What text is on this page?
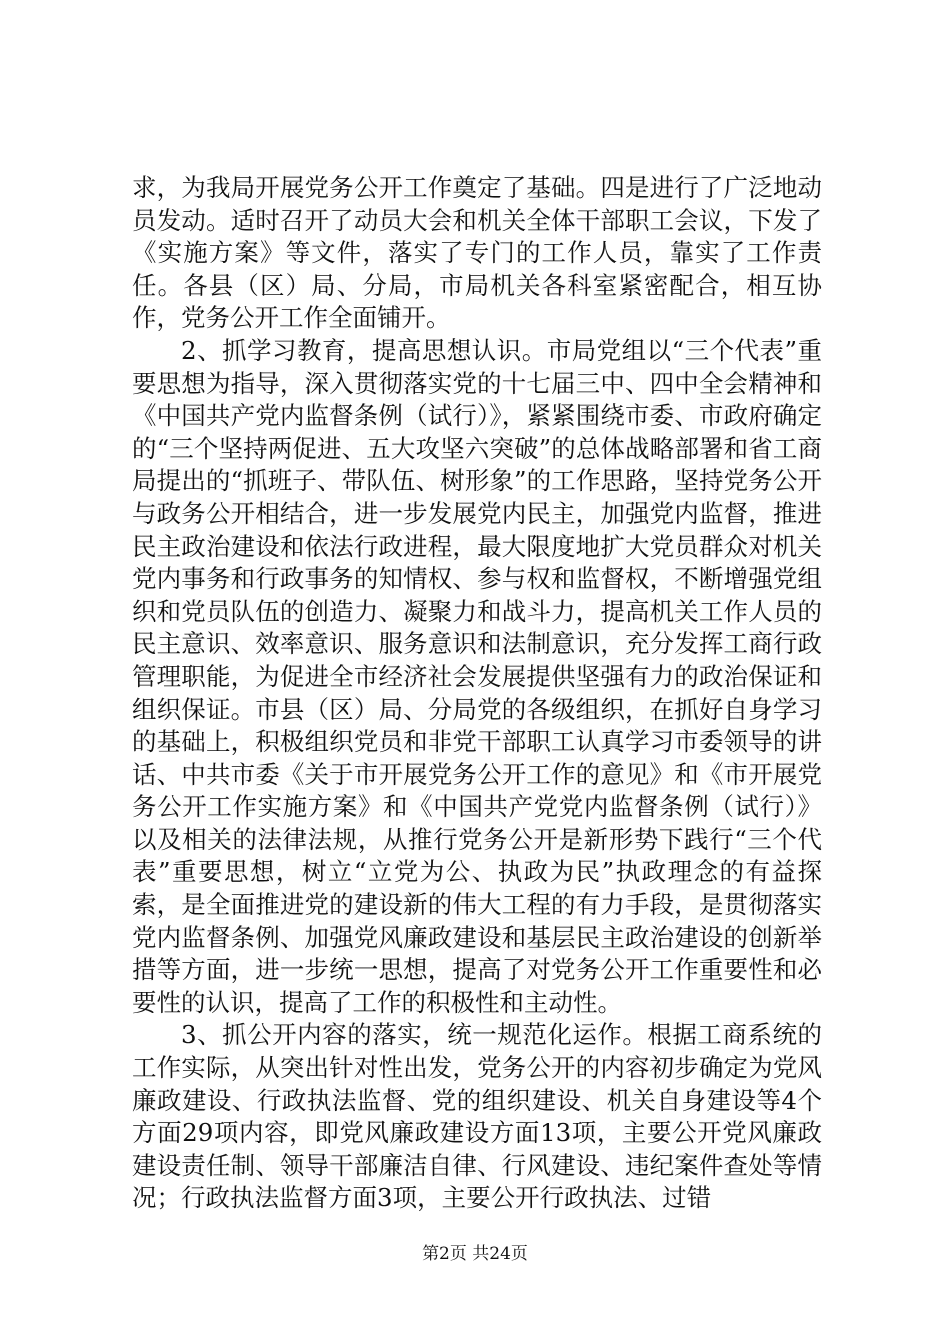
求，为我局开展党务公开工作奠定了基础。四是进行了广泛地动员发动。适时召开了动员大会和机关全体干部职工会议，下发了《实施方案》等文件，落实了专门的工作人员，靠实了工作责任。各县（区）局、分局，市局机关各科室紧密配合，相互协作，党务公开工作全面铺开。

2、抓学习教育，提高思想认识。市局党组以“三个代表”重要思想为指导，深入贯彻落实党的十七届三中、四中全会精神和《中国共产党内监督条例（试行）》，紧紧围绕市委、市政府确定的“三个坚持两促进、五大攻坚六突破”的总体战略部署和省工商局提出的“抓班子、带队伍、树形象”的工作思路，坚持党务公开与政务公开相结合，进一步发展党内民主，加强党内监督，推进民主政治建设和依法行政进程，最大限度地扩大党员群众对机关党内事务和行政事务的知情权、参与权和监督权，不断增强党组织和党员队伍的创造力、凝聚力和战斗力，提高机关工作人员的民主意识、效率意识、服务意识和法制意识，充分发挥工商行政管理职能，为促进全市经济社会发展提供坚强有力的政治保证和组织保证。市县（区）局、分局党的各级组织，在抓好自身学习的基础上，积极组织党员和非党干部职工认真学习市委领导的讲话、中共市委《关于市开展党务公开工作的意见》和《市开展党务公开工作实施方案》和《中国共产党党内监督条例（试行）》以及相关的法律法规，从推行党务公开是新形势下践行“三个代表”重要思想，树立“立党为公、执政为民”执政理念的有益探索，是全面推进党的建设新的伟大工程的有力手段，是贯彻落实党内监督条例、加强党风廉政建设和基层民主政治建设的创新举措等方面，进一步统一思想，提高了对党务公开工作重要性和必要性的认识，提高了工作的积极性和主动性。

3、抓公开内容的落实，统一规范化运作。根据工商系统的工作实际，从突出针对性出发，党务公开的内容初步确定为党风廉政建设、行政执法监督、党的组织建设、机关自身建设等4个方面29项内容，即党风廉政建设方面13项，主要公开党风廉政建设责任制、领导干部廉洁自律、行风建设、违纪案件查处等情况；行政执法监督方面3项，主要公开行政执法、过错

第2页 共24页
